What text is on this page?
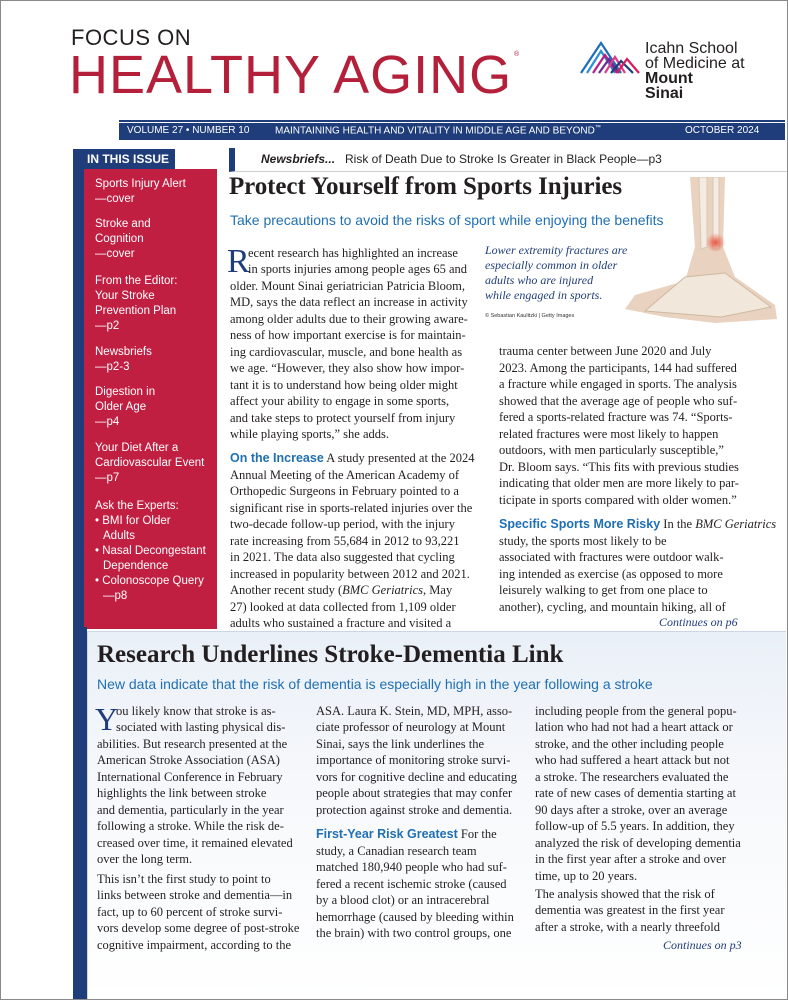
FOCUS ON
HEALTHY AGING ®	Icahn School
of Medicine at
Mount
Sinai
VOLUME 27 • NUMBER 10	MAINTAINING HEALTH AND VITALITY IN MIDDLE AGE AND BEYOND™	OCTOBER 2024
IN THIS ISSUE
Sports Injury Alert
—cover
Stroke and
Cognition
—cover
From the Editor:
Your Stroke
Prevention Plan
—p2
Newsbriefs
—p2-3
Digestion in
Older Age
—p4
Your Diet After a
Cardiovascular Event
—p7
Ask the Experts:
• BMI for Older
Adults
• Nasal Decongestant
Dependence
• Colonoscope Query
—p8
Newsbriefs... Risk of Death Due to Stroke Is Greater in Black People—p3
Lower extremity fractures are
especially common in older
adults who are injured
while engaged in sports.
© Sebastian Kaulitzki | Getty Images
Protect Yourself from Sports Injuries
Take precautions to avoid the risks of sport while enjoying the benefits
R
ecent research has highlighted an increase
in sports injuries among people ages 65 and
older. Mount Sinai geriatrician Patricia Bloom,
MD, says the data reflect an increase in activity
among older adults due to their growing aware-
ness of how important exercise is for maintain-
ing cardiovascular, muscle, and bone health as
we age. “However, they also show how impor-
tant it is to understand how being older might
affect your ability to engage in some sports,
and take steps to protect yourself from injury
while playing sports,” she adds.
On the Increase A study presented at the 2024
Annual Meeting of the American Academy of
Orthopedic Surgeons in February pointed to a
significant rise in sports-related injuries over the
two-decade follow-up period, with the injury
rate increasing from 55,684 in 2012 to 93,221
in 2021. The data also suggested that cycling
increased in popularity between 2012 and 2021.
Another recent study (BMC Geriatrics, May
27) looked at data collected from 1,109 older
adults who sustained a fracture and visited a
trauma center between June 2020 and July
2023. Among the participants, 144 had suffered
a fracture while engaged in sports. The analysis
showed that the average age of people who suf-
fered a sports-related fracture was 74. “Sports-
related fractures were most likely to happen
outdoors, with men particularly susceptible,”
Dr. Bloom says. “This fits with previous studies
indicating that older men are more likely to par-
ticipate in sports compared with older women.”
Specific Sports More Risky In the BMC Geriatrics
study, the sports most likely to be
associated with fractures were outdoor walk-
ing intended as exercise (as opposed to more
leisurely walking to get from one place to
another), cycling, and mountain hiking, all of
Continues on p6
Research Underlines Stroke-Dementia Link
New data indicate that the risk of dementia is especially high in the year following a stroke
Y
ou likely know that stroke is as-
sociated with lasting physical dis-
abilities. But research presented at the
American Stroke Association (ASA)
International Conference in February
highlights the link between stroke
and dementia, particularly in the year
following a stroke. While the risk de-
creased over time, it remained elevated
over the long term.
This isn’t the first study to point to
links between stroke and dementia—in
fact, up to 60 percent of stroke survi-
vors develop some degree of post-stroke
cognitive impairment, according to the
ASA. Laura K. Stein, MD, MPH, asso-
ciate professor of neurology at Mount
Sinai, says the link underlines the
importance of monitoring stroke survi-
vors for cognitive decline and educating
people about strategies that may confer
protection against stroke and dementia.
First-Year Risk Greatest For the
study, a Canadian research team
matched 180,940 people who had suf-
fered a recent ischemic stroke (caused
by a blood clot) or an intracerebral
hemorrhage (caused by bleeding within
the brain) with two control groups, one
including people from the general popu-
lation who had not had a heart attack or
stroke, and the other including people
who had suffered a heart attack but not
a stroke. The researchers evaluated the
rate of new cases of dementia starting at
90 days after a stroke, over an average
follow-up of 5.5 years. In addition, they
analyzed the risk of developing dementia
in the first year after a stroke and over
time, up to 20 years.
The analysis showed that the risk of
dementia was greatest in the first year
after a stroke, with a nearly threefold
Continues on p3
